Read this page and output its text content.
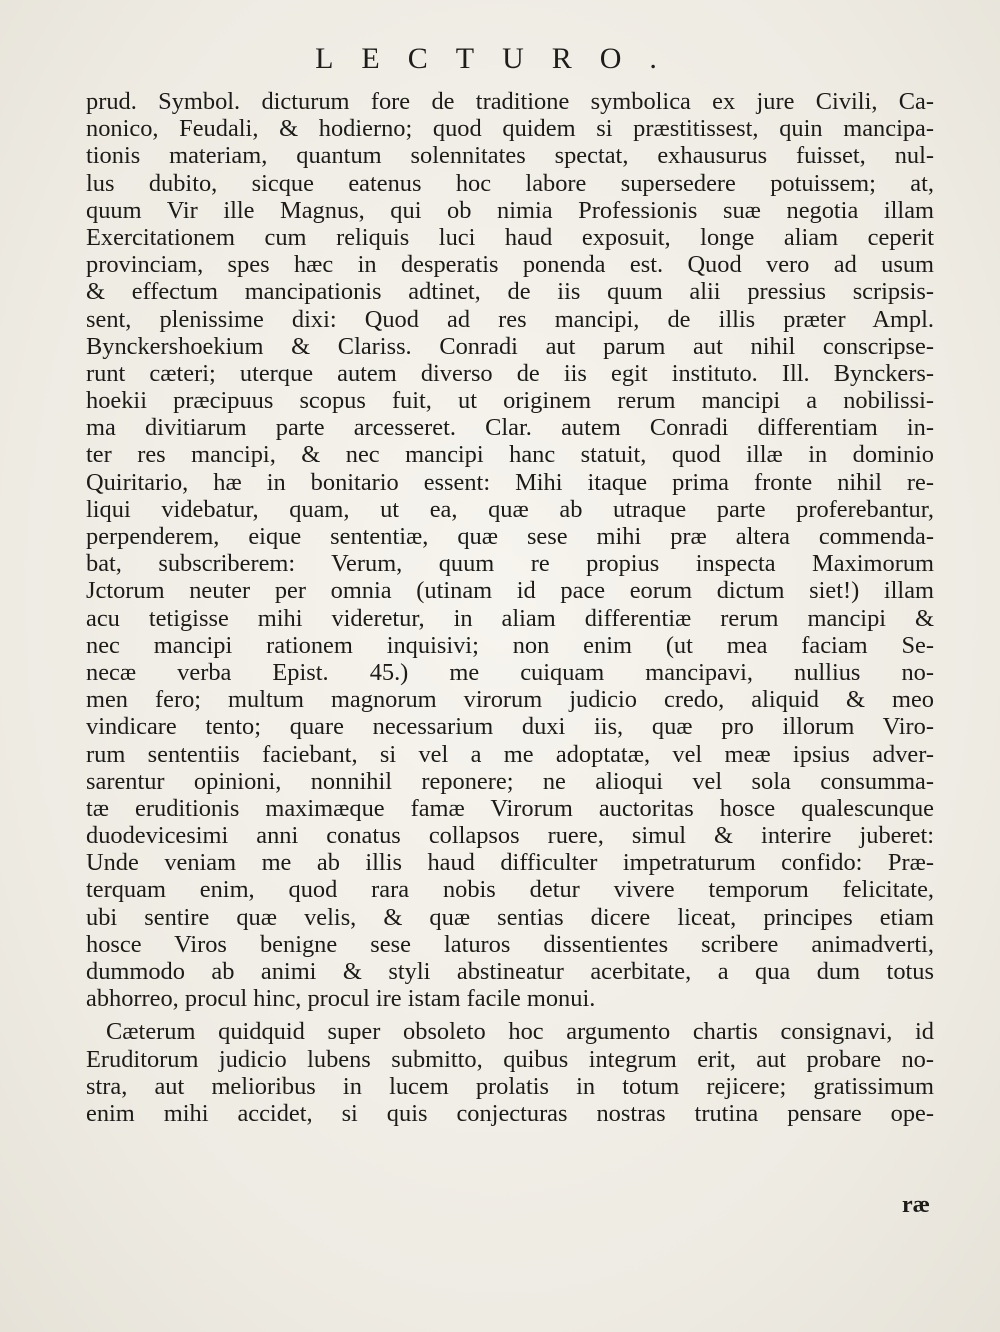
LECTURO.
prud. Symbol. dicturum fore de traditione symbolica ex jure Civili, Ca-
nonico, Feudali, & hodierno; quod quidem si præstitissest, quin mancipa-
tionis materiam, quantum solennitates spectat, exhausurus fuisset, nul-
lus dubito, sicque eatenus hoc labore supersedere potuissem; at,
quum Vir ille Magnus, qui ob nimia Professionis suæ negotia illam
Exercitationem cum reliquis luci haud exposuit, longe aliam ceperit
provinciam, spes hæc in desperatis ponenda est. Quod vero ad usum
& effectum mancipationis adtinet, de iis quum alii pressius scripsis-
sent, plenissime dixi: Quod ad res mancipi, de illis præter Ampl.
Bynckershoekium & Clariss. Conradi aut parum aut nihil conscripse-
runt cæteri; uterque autem diverso de iis egit instituto. Ill. Bynckers-
hoekii præcipuus scopus fuit, ut originem rerum mancipi a nobilissi-
ma divitiarum parte arcesseret. Clar. autem Conradi differentiam in-
ter res mancipi, & nec mancipi hanc statuit, quod illæ in dominio
Quiritario, hæ in bonitario essent: Mihi itaque prima fronte nihil re-
liqui videbatur, quam, ut ea, quæ ab utraque parte proferebantur,
perpenderem, eique sententiæ, quæ sese mihi præ altera commenda-
bat, subscriberem: Verum, quum re propius inspecta Maximorum
Jctorum neuter per omnia (utinam id pace eorum dictum siet!) illam
acu tetigisse mihi videretur, in aliam differentiæ rerum mancipi &
nec mancipi rationem inquisivi; non enim (ut mea faciam Se-
necæ verba Epist. 45.) me cuiquam mancipavi, nullius no-
men fero; multum magnorum virorum judicio credo, aliquid & meo
vindicare tento; quare necessarium duxi iis, quæ pro illorum Viro-
rum sententiis faciebant, si vel a me adoptatæ, vel meæ ipsius adver-
sarentur opinioni, nonnihil reponere; ne alioqui vel sola consumma-
tæ eruditionis maximæque famæ Virorum auctoritas hosce qualescunque
duodevicesimi anni conatus collapsos ruere, simul & interire juberet:
Unde veniam me ab illis haud difficulter impetraturum confido: Præ-
terquam enim, quod rara nobis detur vivere temporum felicitate,
ubi sentire quæ velis, & quæ sentias dicere liceat, principes etiam
hosce Viros benigne sese laturos dissentientes scribere animadverti,
dummodo ab animi & styli abstineatur acerbitate, a qua dum totus
abhorreo, procul hinc, procul ire istam facile monui.
Cæterum quidquid super obsoleto hoc argumento chartis consignavi, id
Eruditorum judicio lubens submitto, quibus integrum erit, aut probare no-
stra, aut melioribus in lucem prolatis in totum rejicere; gratissimum
enim mihi accidet, si quis conjecturas nostras trutina pensare ope-
ræ
